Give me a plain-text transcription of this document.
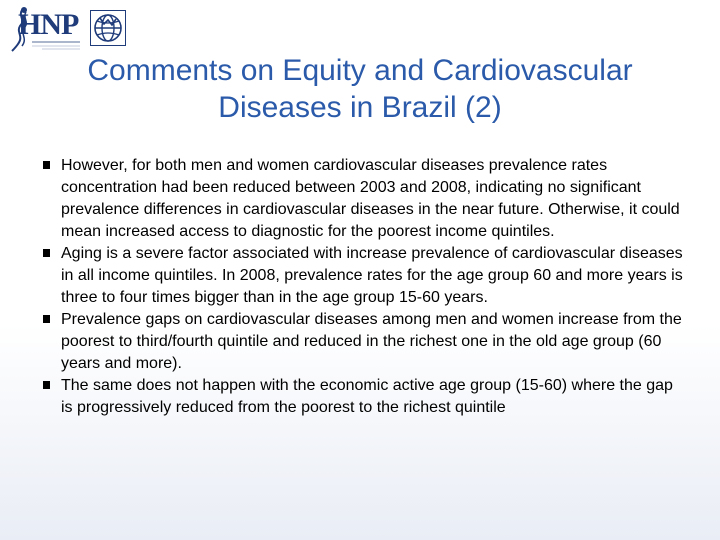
HNP
Comments on Equity and Cardiovascular
Diseases in Brazil (2)
However, for both men and women cardiovascular diseases prevalence rates concentration had been reduced between 2003 and 2008, indicating no significant prevalence differences in cardiovascular diseases in the near future. Otherwise, it could mean increased access to diagnostic for the poorest income quintiles.
Aging is a severe factor associated with increase prevalence of cardiovascular diseases in all income quintiles. In 2008, prevalence rates for the age group 60 and more years is three to four times bigger than in the age group 15-60 years.
Prevalence gaps on cardiovascular diseases among men and women increase from the poorest to third/fourth quintile and reduced in the richest one in the old age group (60 years and more).
The same does not happen with the economic active age group (15-60) where the gap is progressively reduced from the poorest to the richest quintile
